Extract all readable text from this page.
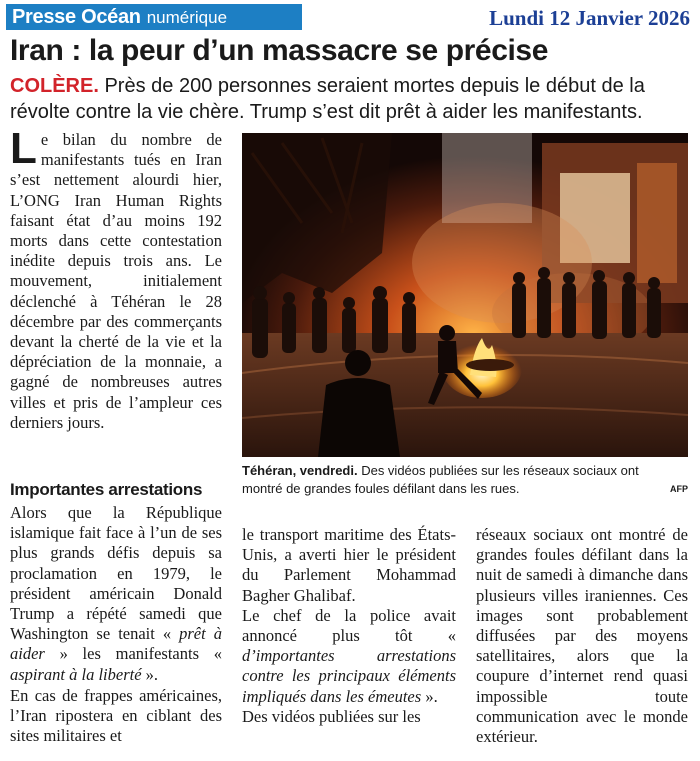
Presse Océan numérique	Lundi 12 Janvier 2026
Iran : la peur d’un massacre se précise
COLÈRE. Près de 200 personnes seraient mortes depuis le début de la révolte contre la vie chère. Trump s’est dit prêt à aider les manifestants.
Le bilan du nombre de manifestants tués en Iran s’est nettement alourdi hier, L’ONG Iran Human Rights faisant état d’au moins 192 morts dans cette contestation inédite depuis trois ans. Le mouvement, initialement déclenché à Téhéran le 28 décembre par des commerçants devant la cherté de la vie et la dépréciation de la monnaie, a gagné de nombreuses autres villes et pris de l’ampleur ces derniers jours.
Importantes arrestations

Alors que la République islamique fait face à l’un de ses plus grands défis depuis sa proclamation en 1979, le président américain Donald Trump a répété samedi que Washington se tenait « prêt à aider » les manifestants « aspirant à la liberté ».

En cas de frappes américaines, l’Iran ripostera en ciblant des sites militaires et

le transport maritime des États-Unis, a averti hier le président du Parlement Mohammad Bagher Ghalibaf.

Le chef de la police avait annoncé plus tôt « d’importantes arrestations contre les principaux éléments impliqués dans les émeutes ».

Des vidéos publiées sur les

réseaux sociaux ont montré de grandes foules défilant dans la nuit de samedi à dimanche dans plusieurs villes iraniennes. Ces images sont probablement diffusées par des moyens satellitaires, alors que la coupure d’internet rend quasi impossible toute communication avec le monde extérieur.

Téhéran, vendredi. Des vidéos publiées sur les réseaux sociaux ont montré de grandes foules défilant dans les rues.	AFP
